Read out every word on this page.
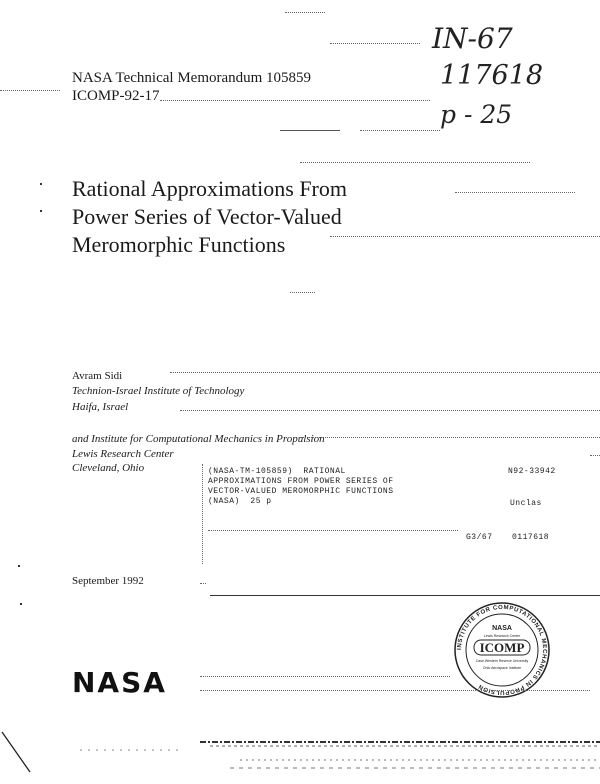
IN-67
117618
p - 25
NASA Technical Memorandum 105859
ICOMP-92-17
Rational Approximations From
Power Series of Vector-Valued
Meromorphic Functions
Avram Sidi
Technion-Israel Institute of Technology
Haifa, Israel
and Institute for Computational Mechanics in Propulsion
Lewis Research Center
Cleveland, Ohio	(NASA-TM-105859)  RATIONAL
APPROXIMATIONS FROM POWER SERIES OF
VECTOR-VALUED MEROMORPHIC FUNCTIONS
(NASA)  25 p
N92-33942
Unclas
G3/67 0117618
September 1992
INSTITUTE FOR COMPUTATIONAL MECHANICS IN PROPULSION
NASA
Lewis Research Center
ICOMP
Case Western Reserve University
Ohio Aerospace Institute
NASA
